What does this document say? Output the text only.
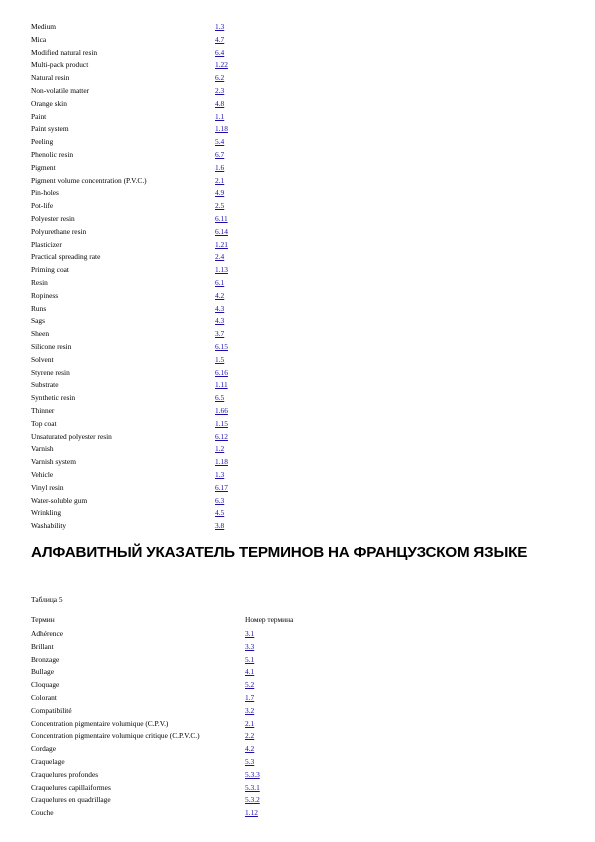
Medium	1.3
Mica	4.7
Modified natural resin	6.4
Multi-pack product	1.22
Natural resin	6.2
Non-volatile matter	2.3
Orange skin	4.8
Paint	1.1
Paint system	1.18
Peeling	5.4
Phenolic resin	6.7
Pigment	1.6
Pigment volume concentration (P.V.C.)	2.1
Pin-holes	4.9
Pot-life	2.5
Polyester resin	6.11
Polyurethane resin	6.14
Plasticizer	1.21
Practical spreading rate	2.4
Priming coat	1.13
Resin	6.1
Ropiness	4.2
Runs	4.3
Sags	4.3
Sheen	3.7
Silicone resin	6.15
Solvent	1.5
Styrene resin	6.16
Substrate	1.11
Synthetic resin	6.5
Thinner	1.66
Top coat	1.15
Unsaturated polyester resin	6.12
Varnish	1.2
Varnish system	1.18
Vehicle	1.3
Vinyl resin	6.17
Water-soluble gum	6.3
Wrinkling	4.5
Washability	3.8
АЛФАВИТНЫЙ УКАЗАТЕЛЬ ТЕРМИНОВ НА ФРАНЦУЗСКОМ ЯЗЫКЕ
Таблица 5
Термин	Номер термина
Adhérence	3.1
Brillant	3.3
Bronzage	5.1
Bullage	4.1
Cloquage	5.2
Colorant	1.7
Compatibilité	3.2
Concentration pigmentaire volumique (C.P.V.)	2.1
Concentration pigmentaire volumique critique (C.P.V.C.)	2.2
Cordage	4.2
Craquelage	5.3
Craquelures profondes	5.3.3
Craquelures capillaiformes	5.3.1
Craquelures en quadrillage	5.3.2
Couche	1.12
